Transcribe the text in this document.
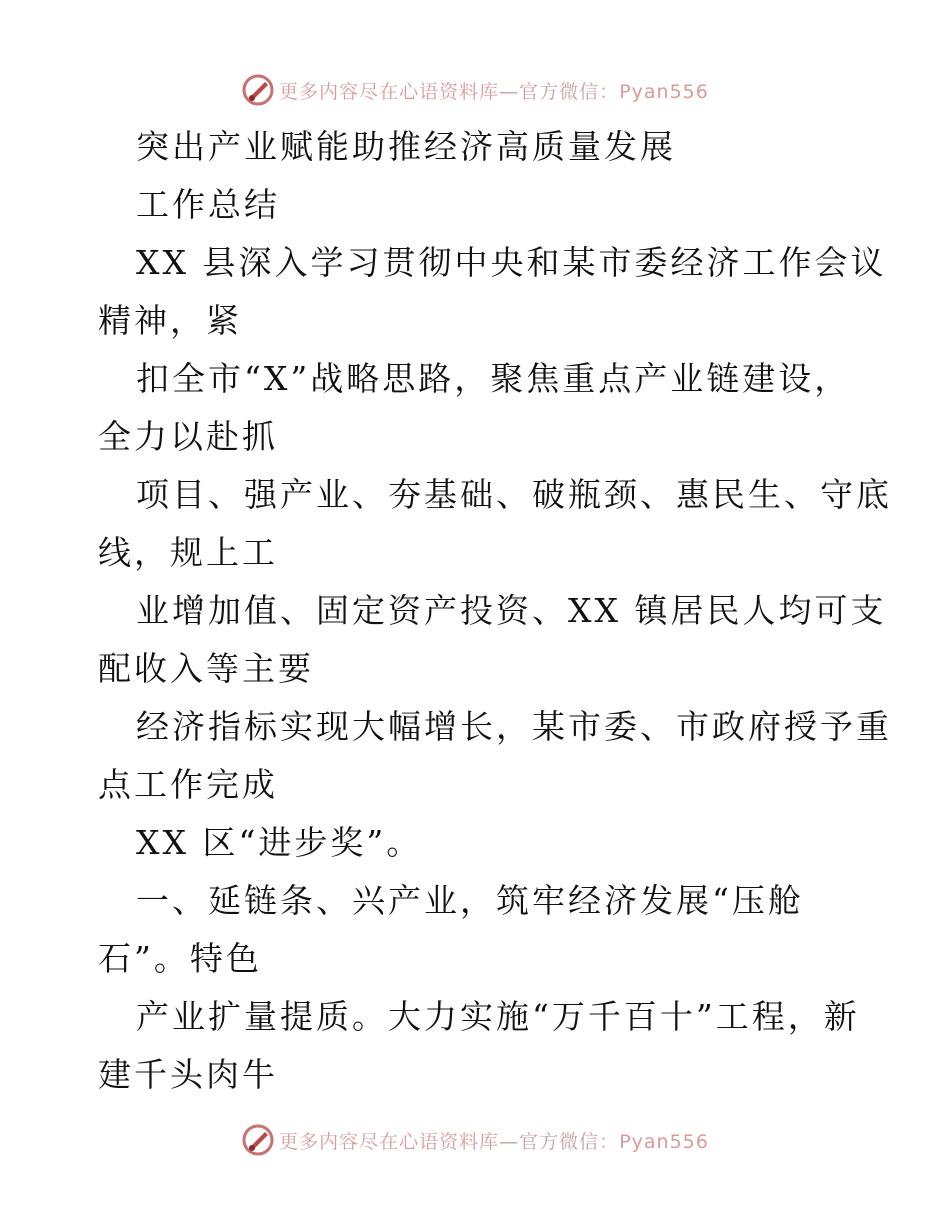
更多内容尽在心语资料库—官方微信：Pyan556
突出产业赋能助推经济高质量发展
工作总结
XX 县深入学习贯彻中央和某市委经济工作会议
精神，紧
扣全市“X”战略思路，聚焦重点产业链建设，
全力以赴抓
项目、强产业、夯基础、破瓶颈、惠民生、守底
线，规上工
业增加值、固定资产投资、XX 镇居民人均可支
配收入等主要
经济指标实现大幅增长，某市委、市政府授予重
点工作完成
XX 区“进步奖”。
一、延链条、兴产业，筑牢经济发展“压舱
石”。特色
产业扩量提质。大力实施“万千百十”工程，新
建千头肉牛
更多内容尽在心语资料库—官方微信：Pyan556
